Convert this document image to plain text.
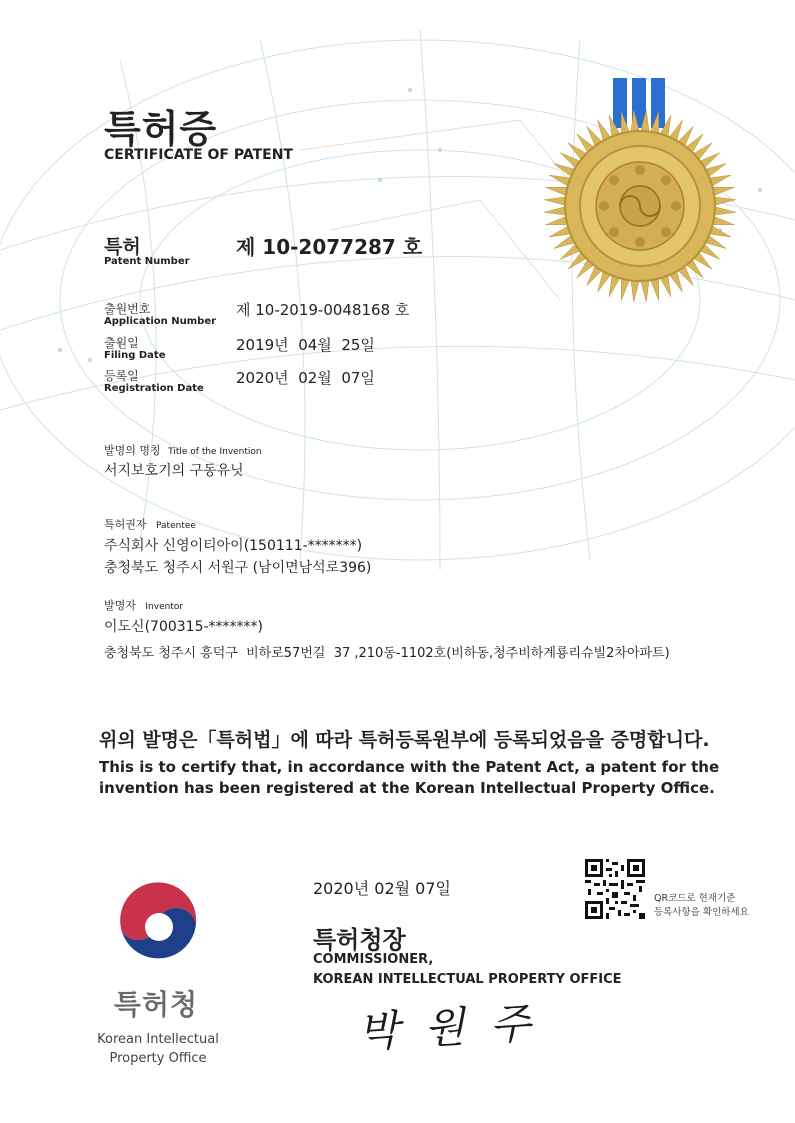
특허증
CERTIFICATE OF PATENT
특허
Patent Number
제 10-2077287 호
출원번호
Application Number
제 10-2019-0048168 호
출원일
Filing Date
2019년  04월  25일
등록일
Registration Date
2020년  02월  07일
발명의 명칭 Title of the Invention
서지보호기의 구동유닛
특허권자 Patentee
주식회사 신영이티아이(150111-*******)
충청북도 청주시 서원구 (남이면남석로396)
발명자 Inventor
이도신(700315-*******)
충청북도 청주시 흥덕구  비하로57번길  37 ,210동-1102호(비하동,청주비하계룡리슈빌2차아파트)
위의 발명은「특허법」에 따라 특허등록원부에 등록되었음을 증명합니다.
This is to certify that, in accordance with the Patent Act, a patent for the invention has been registered at the Korean Intellectual Property Office.
2020년 02월 07일
QR코드로 현재기준
등록사항을 확인하세요
특허청장
COMMISSIONER,
KOREAN INTELLECTUAL PROPERTY OFFICE
박 원 주
특허청
Korean Intellectual Property Office
